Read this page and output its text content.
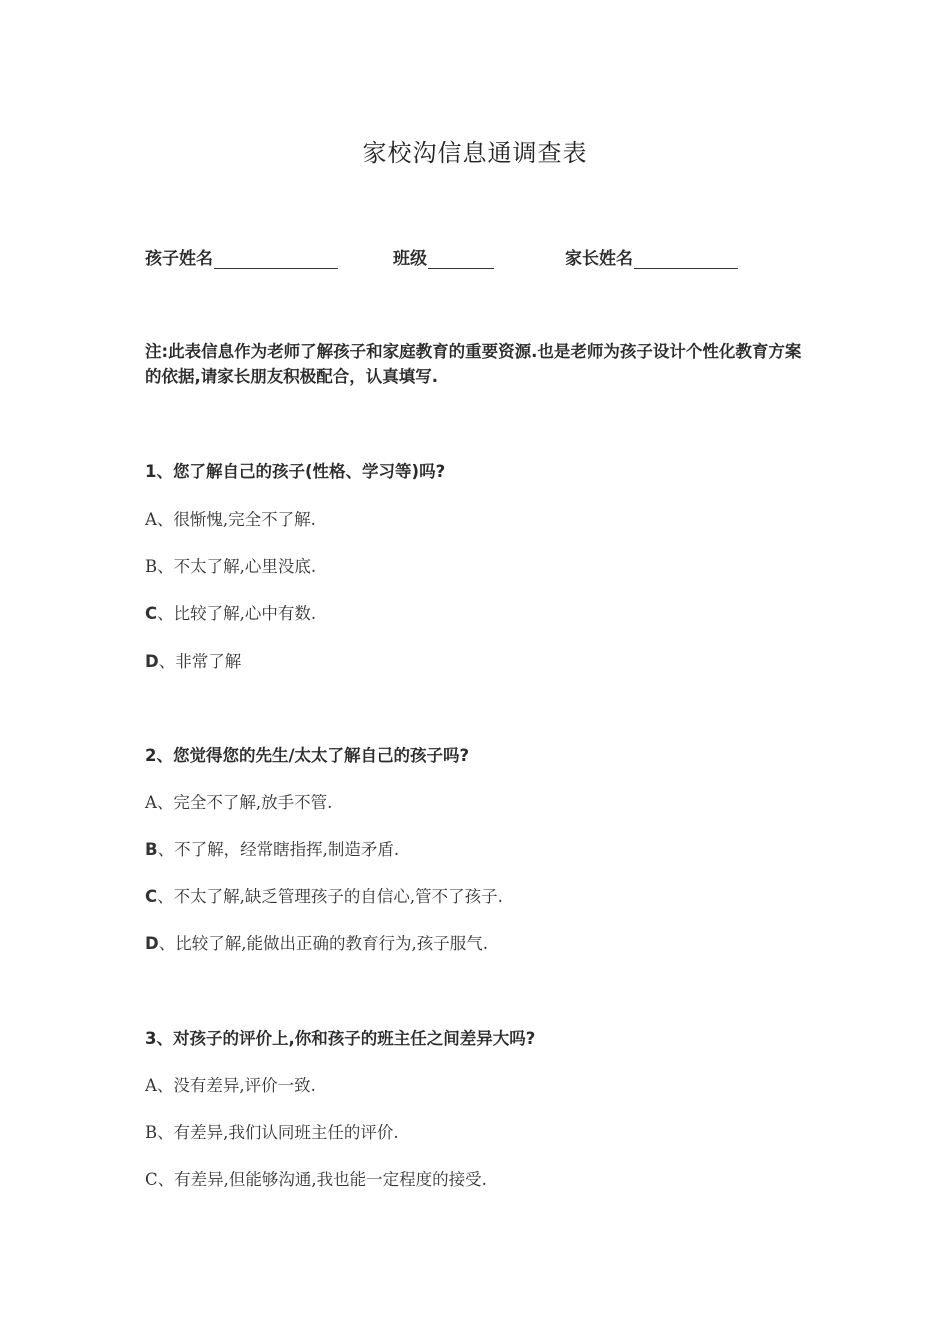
家校沟信息通调查表
孩子姓名	班级	家长姓名
注:此表信息作为老师了解孩子和家庭教育的重要资源.也是老师为孩子设计个性化教育方案的依据,请家长朋友积极配合，认真填写.
1、您了解自己的孩子(性格、学习等)吗?
A、很惭愧,完全不了解.
B、不太了解,心里没底.
C、比较了解,心中有数.
D、非常了解
2、您觉得您的先生/太太了解自己的孩子吗?
A、完全不了解,放手不管.
B、不了解，经常瞎指挥,制造矛盾.
C、不太了解,缺乏管理孩子的自信心,管不了孩子.
D、比较了解,能做出正确的教育行为,孩子服气.
3、对孩子的评价上,你和孩子的班主任之间差异大吗?
A、没有差异,评价一致.
B、有差异,我们认同班主任的评价.
C、有差异,但能够沟通,我也能一定程度的接受.
